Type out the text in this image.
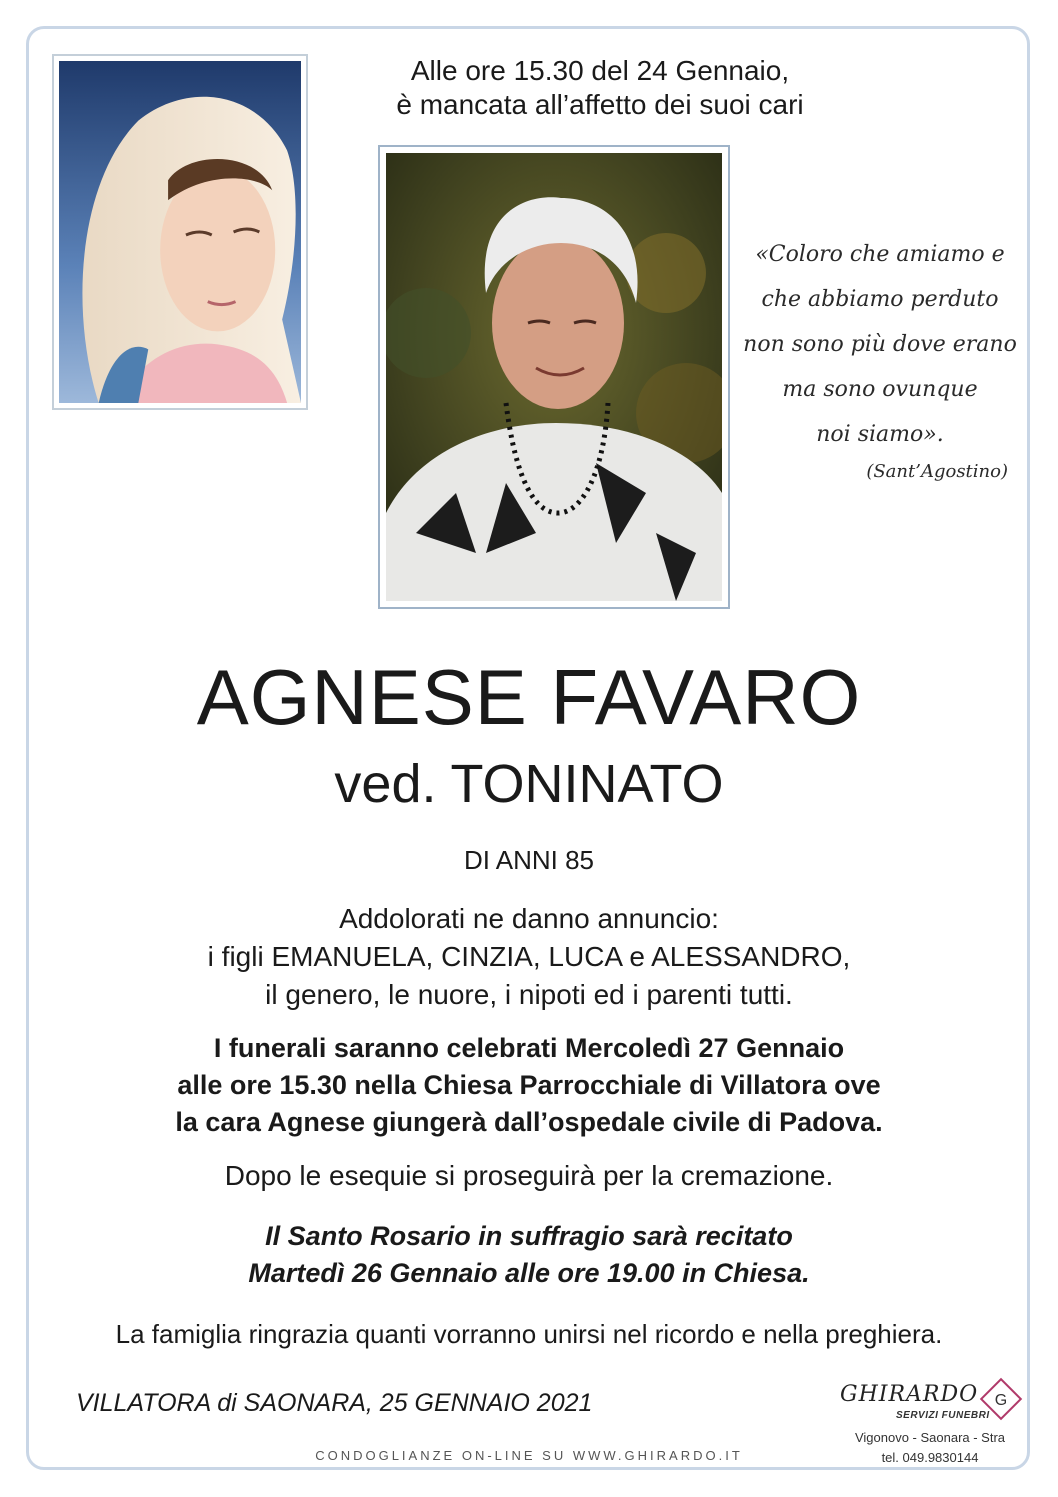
Alle ore 15.30 del 24 Gennaio,
è mancata all’affetto dei suoi cari
«Coloro che amiamo e
che abbiamo perduto
non sono più dove erano
ma sono ovunque
noi siamo».
(Sant’Agostino)
AGNESE FAVARO
ved. TONINATO
DI ANNI 85
Addolorati ne danno annuncio:
i figli EMANUELA, CINZIA, LUCA e ALESSANDRO,
il genero, le nuore, i nipoti ed i parenti tutti.
I funerali saranno celebrati Mercoledì 27 Gennaio
alle ore 15.30 nella Chiesa Parrocchiale di Villatora ove
la cara Agnese giungerà dall’ospedale civile di Padova.
Dopo le esequie si proseguirà per la cremazione.
Il Santo Rosario in suffragio sarà recitato
Martedì 26 Gennaio alle ore 19.00 in Chiesa.
La famiglia ringrazia quanti vorranno unirsi nel ricordo e nella preghiera.
VILLATORA di SAONARA, 25 GENNAIO 2021
CONDOGLIANZE ON-LINE SU WWW.GHIRARDO.IT
GHIRARDO
SERVIZI FUNEBRI
G
Vigonovo - Saonara - Stra
tel. 049.9830144
